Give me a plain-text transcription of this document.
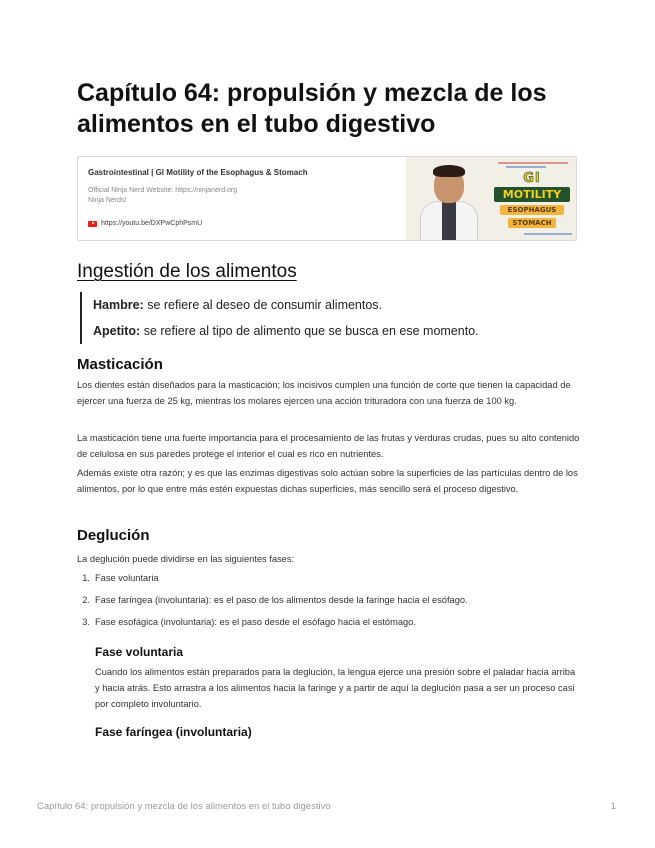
Capítulo 64: propulsión y mezcla de los alimentos en el tubo digestivo
Gastrointestinal | GI Motility of the Esophagus & Stomach
Official Ninja Nerd Website: https://ninjanerd.org
Ninja Nerds!
https://youtu.be/DXPwCphPsmU
GI
MOTILITY
ESOPHAGUS
STOMACH
Ingestión de los alimentos
Hambre: se refiere al deseo de consumir alimentos.
Apetito: se refiere al tipo de alimento que se busca en ese momento.
Masticación

Los dientes están diseñados para la masticación; los incisivos cumplen una función de corte que tienen la capacidad de ejercer una fuerza de 25 kg, mientras los molares ejercen una acción trituradora con una fuerza de 100 kg.

La masticación tiene una fuerte importancia para el procesamiento de las frutas y verduras crudas, pues su alto contenido de celulosa en sus paredes protege el interior el cual es rico en nutrientes.

Además existe otra razón; y es que las enzimas digestivas solo actúan sobre la superficies de las partículas dentro de los alimentos, por lo que entre más estén expuestas dichas superficies, más sencillo será el proceso digestivo.

Deglución

La deglución puede dividirse en las siguientes fases:

1. Fase voluntaria
2. Fase faríngea (involuntaria): es el paso de los alimentos desde la faringe hacia el esófago.
3. Fase esofágica (involuntaria): es el paso desde el esófago hacia el estómago.
Fase voluntaria

Cuando los alimentos están preparados para la deglución, la lengua ejerce una presión sobre el paladar hacia arriba y hacia atrás. Esto arrastra a los alimentos hacia la faringe y a partir de aquí la deglución pasa a ser un proceso casi por completo involuntario.

Fase faríngea (involuntaria)
Capítulo 64: propulsión y mezcla de los alimentos en el tubo digestivo	1
